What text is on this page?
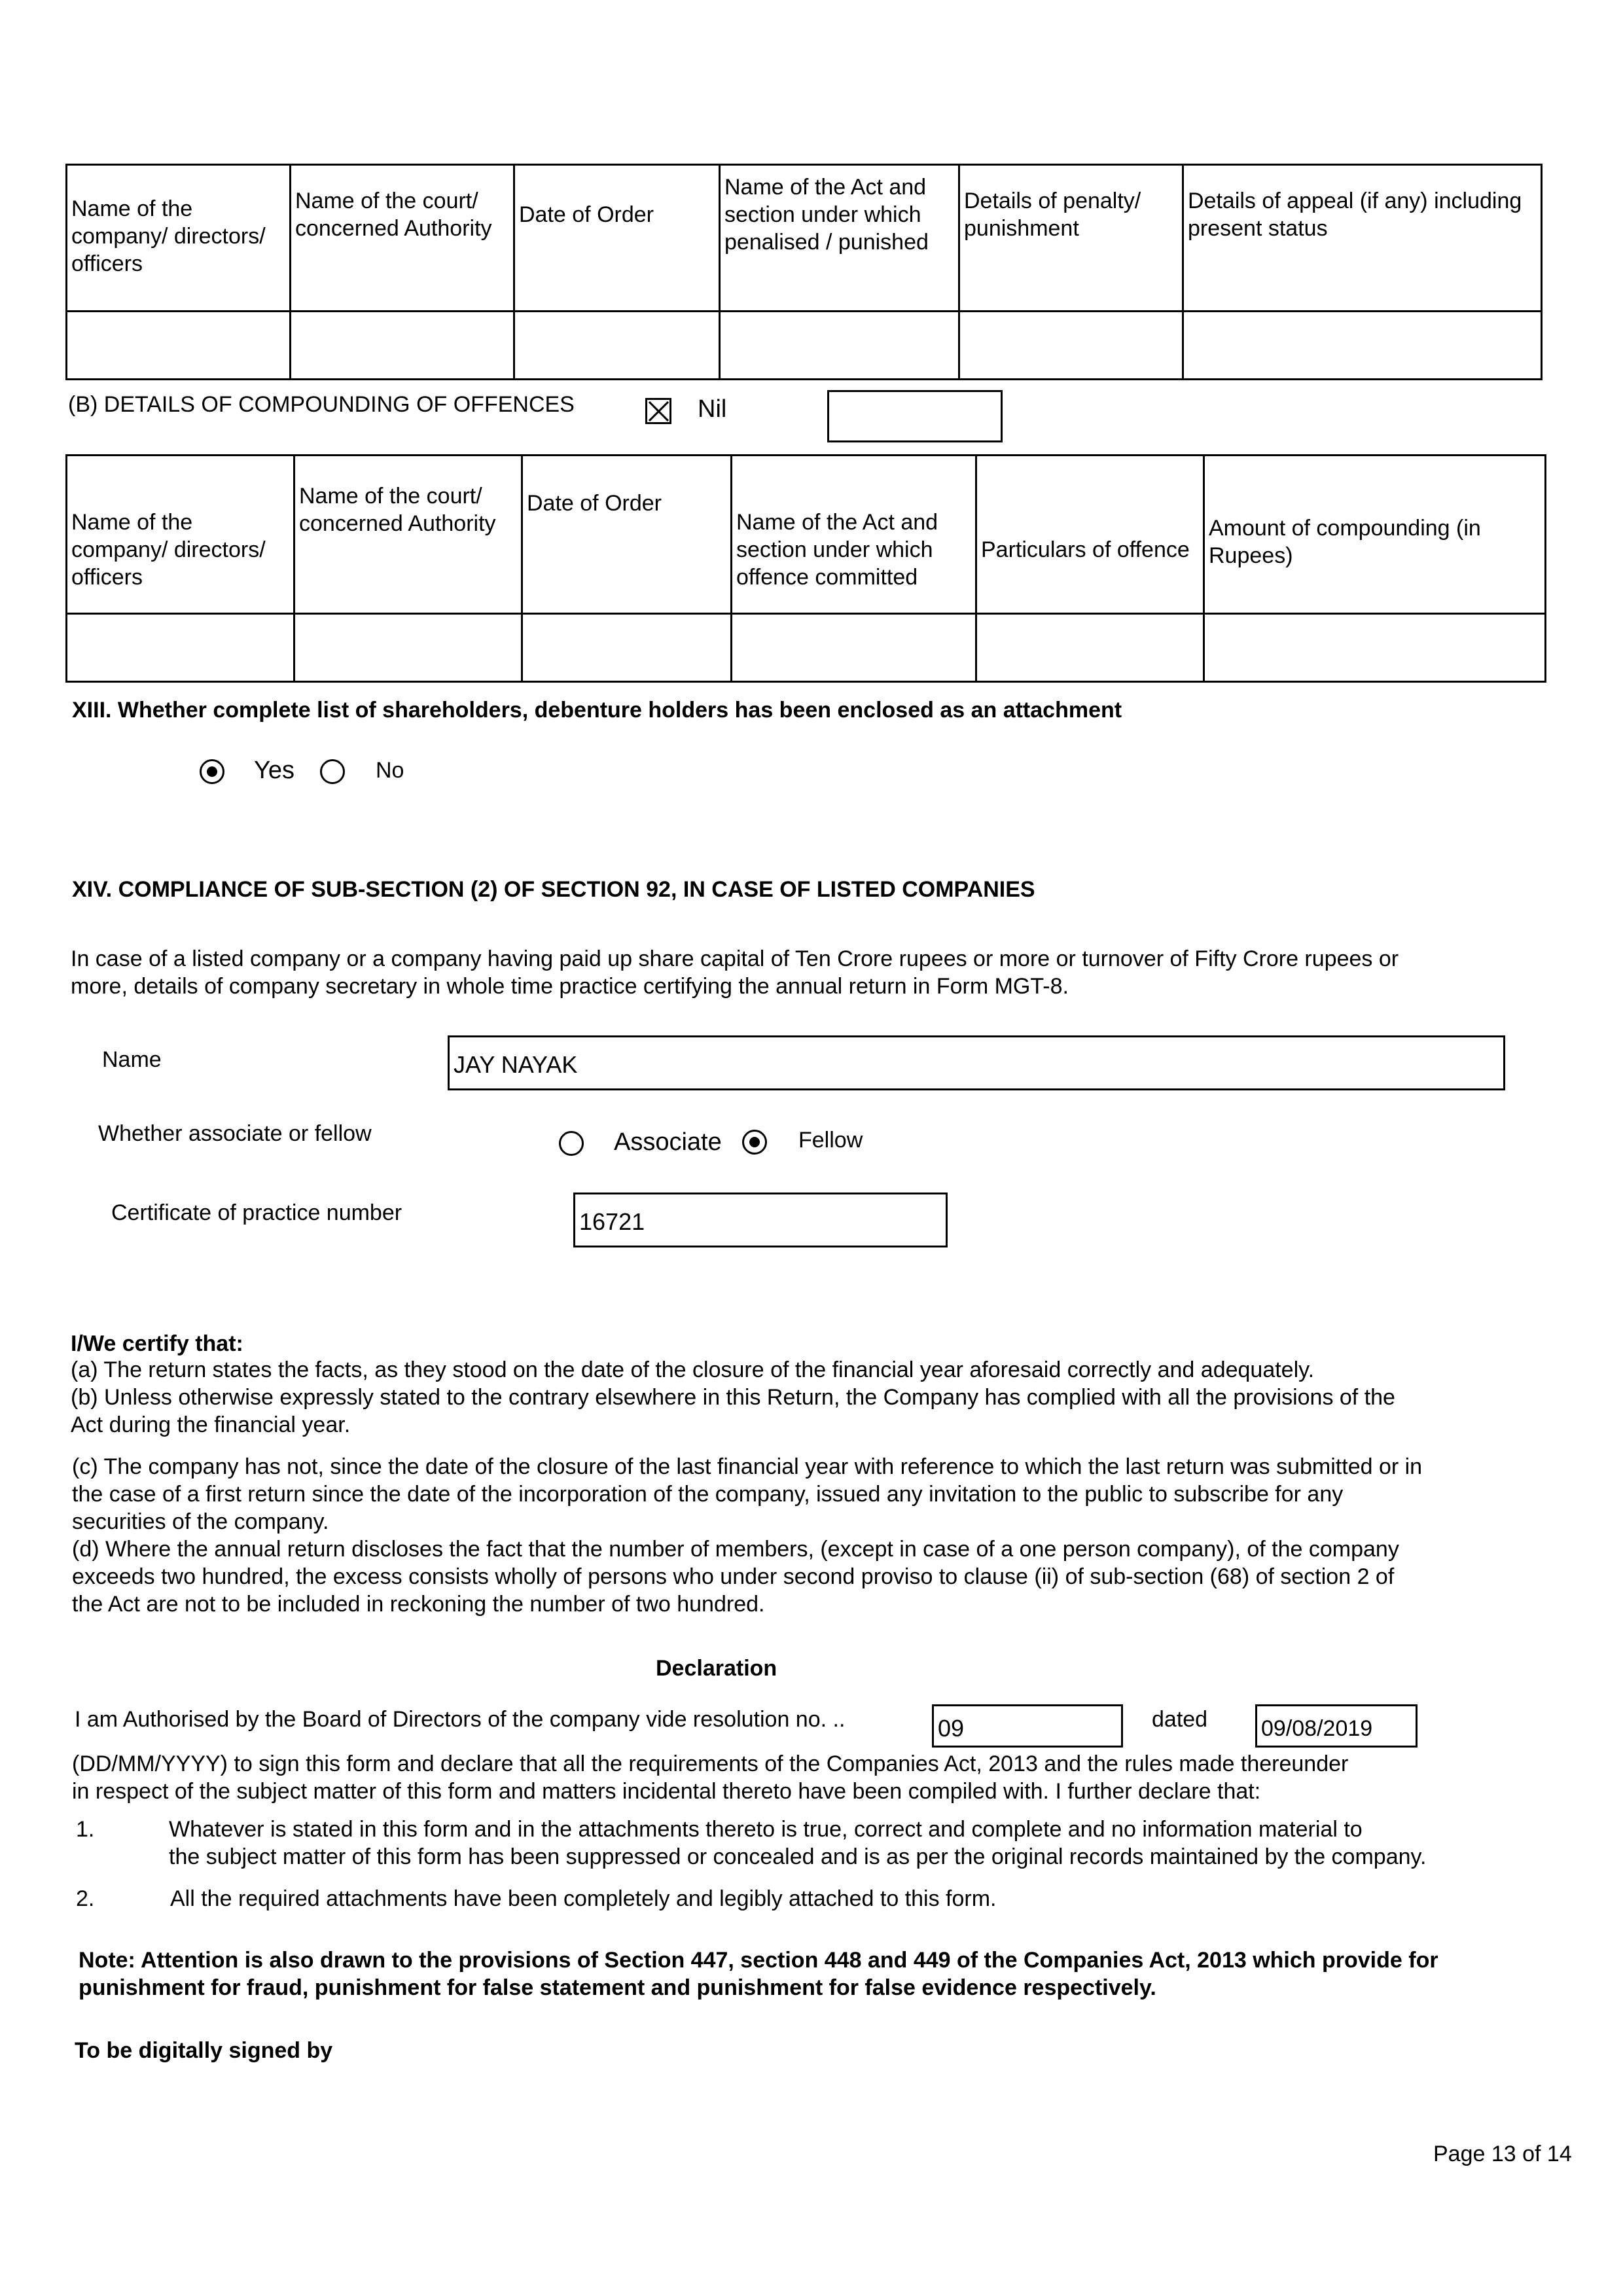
Name of the company/ directors/ officers	Name of the court/ concerned Authority	Date of Order	Name of the Act and section under which penalised / punished	Details of penalty/ punishment	Details of appeal (if any) including present status

(B) DETAILS OF COMPOUNDING OF OFFENCES	Nil
Name of the company/ directors/ officers	Name of the court/ concerned Authority	Date of Order	Name of the Act and section under which offence committed	Particulars of offence	Amount of compounding (in Rupees)

XIII. Whether complete list of shareholders, debenture holders has been enclosed as an attachment
Yes	No
XIV. COMPLIANCE OF SUB-SECTION (2) OF SECTION 92, IN CASE OF LISTED COMPANIES

In case of a listed company or a company having paid up share capital of Ten Crore rupees or more or turnover of Fifty Crore rupees or

more, details of company secretary in whole time practice certifying the annual return in Form MGT-8.

Name	JAY NAYAK
Whether associate or fellow	Associate	Fellow
Certificate of practice number	16721
I/We certify that:

(a) The return states the facts, as they stood on the date of the closure of the financial year aforesaid correctly and adequately.

(b) Unless otherwise expressly stated to the contrary elsewhere in this Return, the Company has complied with all the provisions of the

Act during the financial year.

(c) The company has not, since the date of the closure of the last financial year with reference to which the last return was submitted or in

the case of a first return since the date of the incorporation of the company, issued any invitation to the public to subscribe for any

securities of the company.

(d) Where the annual return discloses the fact that the number of members, (except in case of a one person company), of the company

exceeds two hundred, the excess consists wholly of persons who under second proviso to clause (ii) of sub-section (68) of section 2 of

the Act are not to be included in reckoning the number of two hundred.

Declaration

I am Authorised by the Board of Directors of the company vide resolution no. ..	09	dated 09/08/2019

(DD/MM/YYYY) to sign this form and declare that all the requirements of the Companies Act, 2013 and the rules made thereunder

in respect of the subject matter of this form and matters incidental thereto have been compiled with. I further declare that:

1.	Whatever is stated in this form and in the attachments thereto is true, correct and complete and no information material to

the subject matter of this form has been suppressed or concealed and is as per the original records maintained by the company.

2.	All the required attachments have been completely and legibly attached to this form.

Note: Attention is also drawn to the provisions of Section 447, section 448 and 449 of the Companies Act, 2013 which provide for

punishment for fraud, punishment for false statement and punishment for false evidence respectively.

To be digitally signed by
Page 13 of 14
